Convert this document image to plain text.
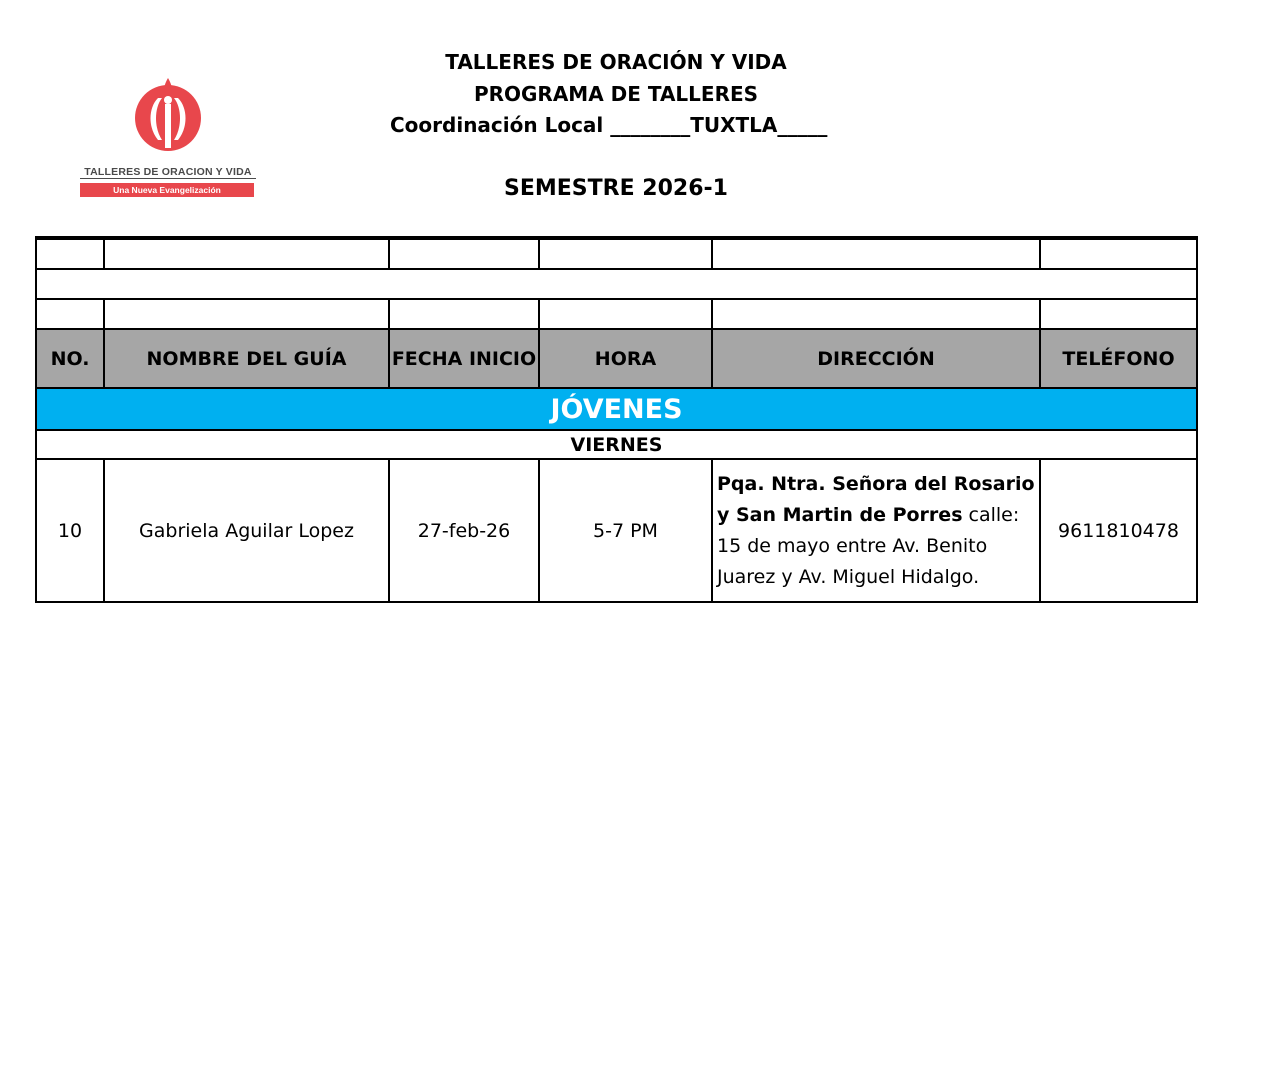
TALLERES DE ORACION Y VIDA
Una Nueva Evangelización
TALLERES DE ORACIÓN Y VIDA
PROGRAMA DE TALLERES
Coordinación Local ________TUXTLA_____
SEMESTRE 2026-1

NO.	NOMBRE DEL GUÍA	FECHA INICIO	HORA	DIRECCIÓN	TELÉFONO
JÓVENES					
VIERNES					
10	Gabriela Aguilar Lopez	27-feb-26	5-7 PM	Pqa. Ntra. Señora del Rosario y San Martin de Porres calle: 15 de mayo entre Av. Benito Juarez y Av. Miguel Hidalgo.	9611810478
